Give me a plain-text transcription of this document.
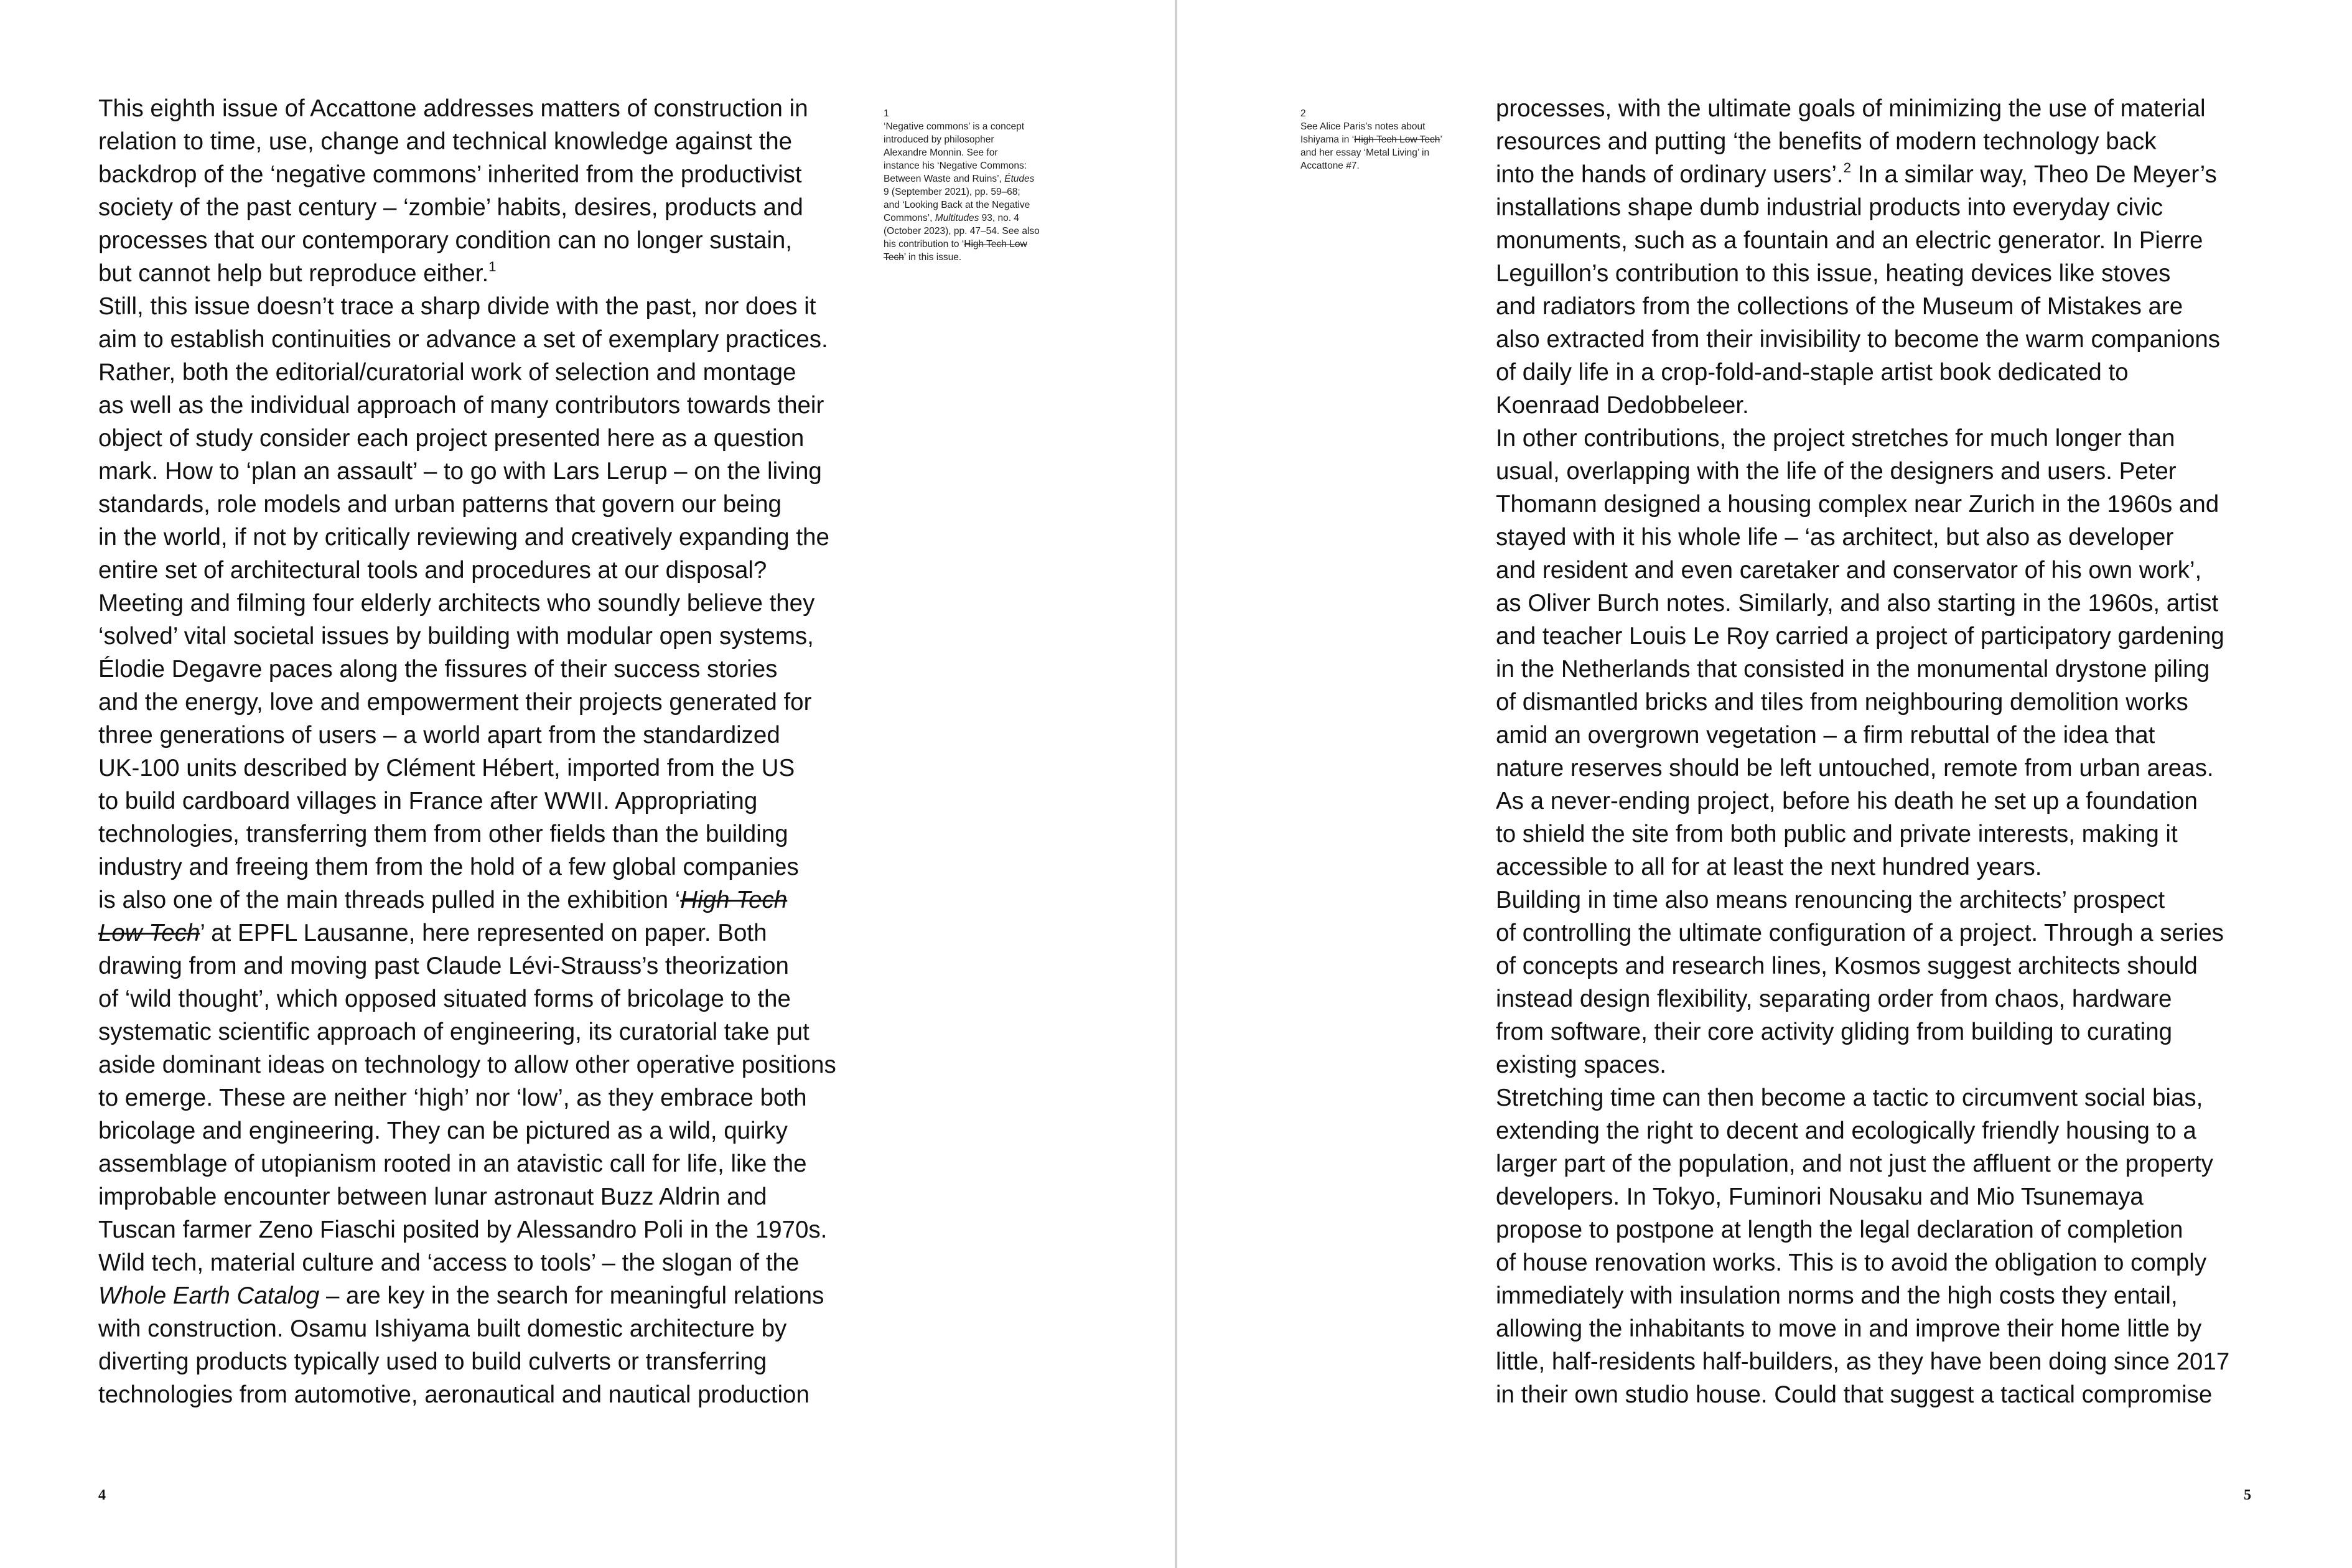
This eighth issue of Accattone addresses matters of construction in
relation to time, use, change and technical knowledge against the
backdrop of the ‘negative commons’ inherited from the productivist
society of the past century – ‘zombie’ habits, desires, products and
processes that our contemporary condition can no longer sustain,
but cannot help but reproduce either.$^1$
Still, this issue doesn’t trace a sharp divide with the past, nor does it
aim to establish continuities or advance a set of exemplary practices.
Rather, both the editorial/curatorial work of selection and montage
as well as the individual approach of many contributors towards their
object of study consider each project presented here as a question
mark. How to ‘plan an assault’ – to go with Lars Lerup – on the living
standards, role models and urban patterns that govern our being
in the world, if not by critically reviewing and creatively expanding the
entire set of architectural tools and procedures at our disposal?
Meeting and filming four elderly architects who soundly believe they
‘solved’ vital societal issues by building with modular open systems,
Élodie Degavre paces along the fissures of their success stories
and the energy, love and empowerment their projects generated for
three generations of users – a world apart from the standardized
UK-100 units described by Clément Hébert, imported from the US
to build cardboard villages in France after WWII. Appropriating
technologies, transferring them from other fields than the building
industry and freeing them from the hold of a few global companies
is also one of the main threads pulled in the exhibition ‘High Tech
Low Tech’ at EPFL Lausanne, here represented on paper. Both
drawing from and moving past Claude Lévi-Strauss’s theorization
of ‘wild thought’, which opposed situated forms of bricolage to the
systematic scientific approach of engineering, its curatorial take put
aside dominant ideas on technology to allow other operative positions
to emerge. These are neither ‘high’ nor ‘low’, as they embrace both
bricolage and engineering. They can be pictured as a wild, quirky
assemblage of utopianism rooted in an atavistic call for life, like the
improbable encounter between lunar astronaut Buzz Aldrin and
Tuscan farmer Zeno Fiaschi posited by Alessandro Poli in the 1970s.
Wild tech, material culture and ‘access to tools’ – the slogan of the
Whole Earth Catalog – are key in the search for meaningful relations
with construction. Osamu Ishiyama built domestic architecture by
diverting products typically used to build culverts or transferring
technologies from automotive, aeronautical and nautical production
1
‘Negative commons’ is a concept
introduced by philosopher
Alexandre Monnin. See for
instance his ‘Negative Commons:
Between Waste and Ruins’, Études
9 (September 2021), pp. 59–68;
and ‘Looking Back at the Negative
Commons’, Multitudes 93, no. 4
(October 2023), pp. 47–54. See also
his contribution to ‘High Tech Low
Tech’ in this issue.
2
See Alice Paris’s notes about
Ishiyama in ‘High Tech Low Tech’
and her essay ‘Metal Living’ in
Accattone #7.
processes, with the ultimate goals of minimizing the use of material
resources and putting ‘the benefits of modern technology back
into the hands of ordinary users’.$^2$ In a similar way, Theo De Meyer’s
installations shape dumb industrial products into everyday civic
monuments, such as a fountain and an electric generator. In Pierre
Leguillon’s contribution to this issue, heating devices like stoves
and radiators from the collections of the Museum of Mistakes are
also extracted from their invisibility to become the warm companions
of daily life in a crop-fold-and-staple artist book dedicated to
Koenraad Dedobbeleer.
In other contributions, the project stretches for much longer than
usual, overlapping with the life of the designers and users. Peter
Thomann designed a housing complex near Zurich in the 1960s and
stayed with it his whole life – ‘as architect, but also as developer
and resident and even caretaker and conservator of his own work’,
as Oliver Burch notes. Similarly, and also starting in the 1960s, artist
and teacher Louis Le Roy carried a project of participatory gardening
in the Netherlands that consisted in the monumental drystone piling
of dismantled bricks and tiles from neighbouring demolition works
amid an overgrown vegetation – a firm rebuttal of the idea that
nature reserves should be left untouched, remote from urban areas.
As a never-ending project, before his death he set up a foundation
to shield the site from both public and private interests, making it
accessible to all for at least the next hundred years.
Building in time also means renouncing the architects’ prospect
of controlling the ultimate configuration of a project. Through a series
of concepts and research lines, Kosmos suggest architects should
instead design flexibility, separating order from chaos, hardware
from software, their core activity gliding from building to curating
existing spaces.
Stretching time can then become a tactic to circumvent social bias,
extending the right to decent and ecologically friendly housing to a
larger part of the population, and not just the affluent or the property
developers. In Tokyo, Fuminori Nousaku and Mio Tsunemaya
propose to postpone at length the legal declaration of completion
of house renovation works. This is to avoid the obligation to comply
immediately with insulation norms and the high costs they entail,
allowing the inhabitants to move in and improve their home little by
little, half-residents half-builders, as they have been doing since 2017
in their own studio house. Could that suggest a tactical compromise
4	5
